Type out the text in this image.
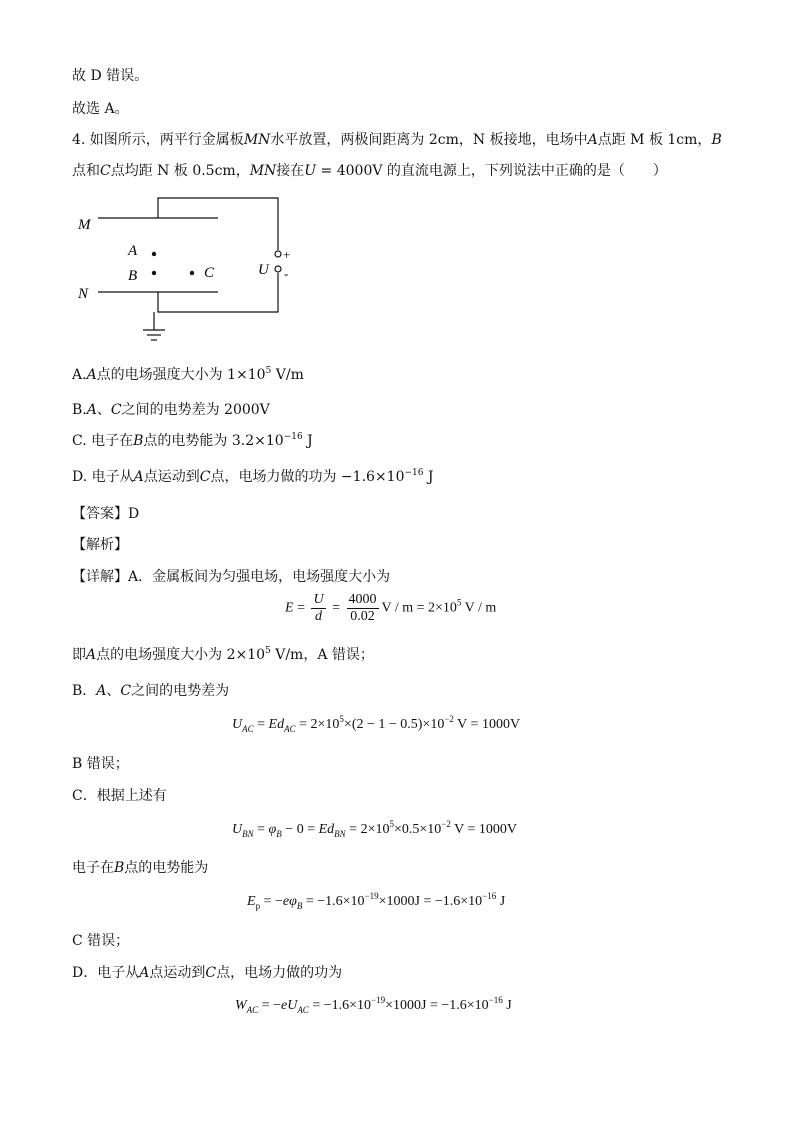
故 D 错误。
故选 A。
4. 如图所示，两平行金属板MN水平放置，两极间距离为 2cm，N 板接地，电场中A点距 M 板 1cm，B
点和C点均距 N 板 0.5cm，MN接在U = 4000V 的直流电源上，下列说法中正确的是（　　）
M
N
A
B	C	U
+
-
A.A点的电场强度大小为 $1\times 10^5$ V/m
B.A、C之间的电势差为 2000V
C. 电子在B点的电势能为 $3.2\times 10^{-16}$ J
D. 电子从A点运动到C点，电场力做的功为 $-1.6\times 10^{-16}$ J
【答案】D
【解析】
【详解】A．金属板间为匀强电场，电场强度大小为
$E = \frac{U}{d} = \frac{4000}{0.02}$ $V / m = 2\times 10^5$ V / m
即A点的电场强度大小为 $2\times 10^5$ V/m，A 错误；
B．A、C之间的电势差为
$U_{AC} = Ed_{AC} = 2\times 10^5\times(2 - 1 - 0.5)\times 10^{-2}$ V = 1000V
B 错误；
C．根据上述有
$U_{BN} = \varphi_B - 0 = Ed_{BN} = 2\times 10^5\times 0.5\times 10^{-2}$ V = 1000V
电子在B点的电势能为
$E_p = -e\varphi_B = -1.6\times 10^{-19}\times 1000J = -1.6\times 10^{-16}$ J
C 错误；
D．电子从A点运动到C点，电场力做的功为
$W_{AC} = -eU_{AC} = -1.6\times 10^{-19}\times 1000J = -1.6\times 10^{-16}$ J
